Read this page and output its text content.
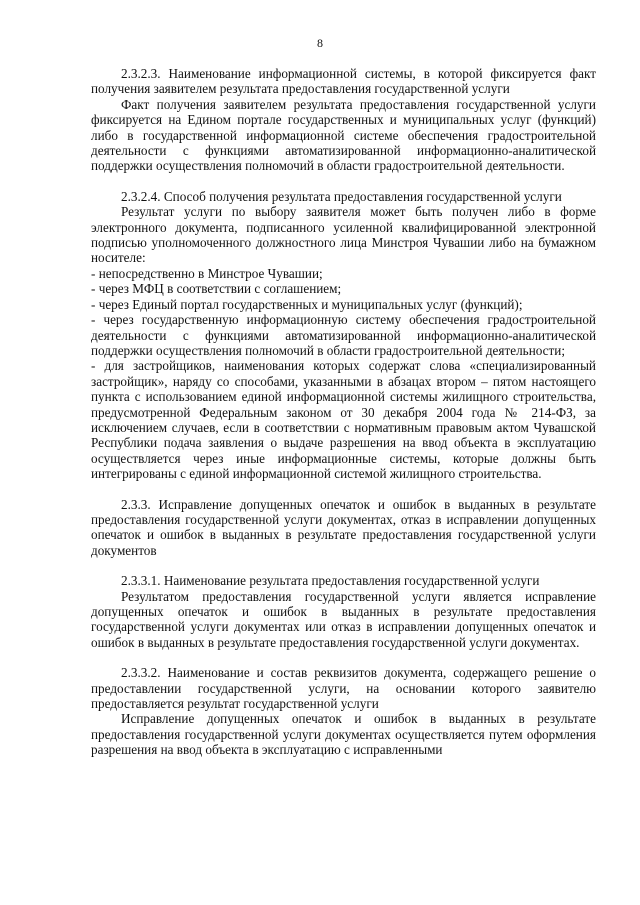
8

2.3.2.3. Наименование информационной системы, в которой фиксируется факт получения заявителем результата предоставления государственной услуги

Факт получения заявителем результата предоставления государственной услуги фиксируется на Едином портале государственных и муниципальных услуг (функций) либо в государственной информационной системе обеспечения градостроительной деятельности с функциями автоматизированной информационно-аналитической поддержки осуществления полномочий в области градостроительной деятельности.

2.3.2.4. Способ получения результата предоставления государственной услуги

Результат услуги по выбору заявителя может быть получен либо в форме электронного документа, подписанного усиленной квалифицированной электронной подписью уполномоченного должностного лица Минстроя Чувашии либо на бумажном носителе:

- непосредственно в Минстрое Чувашии;

- через МФЦ в соответствии с соглашением;

- через Единый портал государственных и муниципальных услуг (функций);

- через государственную информационную систему обеспечения градостроительной деятельности с функциями автоматизированной информационно-аналитической поддержки осуществления полномочий в области градостроительной деятельности;

- для застройщиков, наименования которых содержат слова «специализированный застройщик», наряду со способами, указанными в абзацах втором – пятом настоящего пункта с использованием единой информационной системы жилищного строительства, предусмотренной Федеральным законом от 30 декабря 2004 года № 214-ФЗ, за исключением случаев, если в соответствии с нормативным правовым актом Чувашской Республики подача заявления о выдаче разрешения на ввод объекта в эксплуатацию осуществляется через иные информационные системы, которые должны быть интегрированы с единой информационной системой жилищного строительства.

2.3.3. Исправление допущенных опечаток и ошибок в выданных в результате предоставления государственной услуги документах, отказ в исправлении допущенных опечаток и ошибок в выданных в результате предоставления государственной услуги документов

2.3.3.1. Наименование результата предоставления государственной услуги

Результатом предоставления государственной услуги является исправление допущенных опечаток и ошибок в выданных в результате предоставления государственной услуги документах или отказ в исправлении допущенных опечаток и ошибок в выданных в результате предоставления государственной услуги документах.

2.3.3.2. Наименование и состав реквизитов документа, содержащего решение о предоставлении государственной услуги, на основании которого заявителю предоставляется результат государственной услуги

Исправление допущенных опечаток и ошибок в выданных в результате предоставления государственной услуги документах осуществляется путем оформления разрешения на ввод объекта в эксплуатацию с исправленными
